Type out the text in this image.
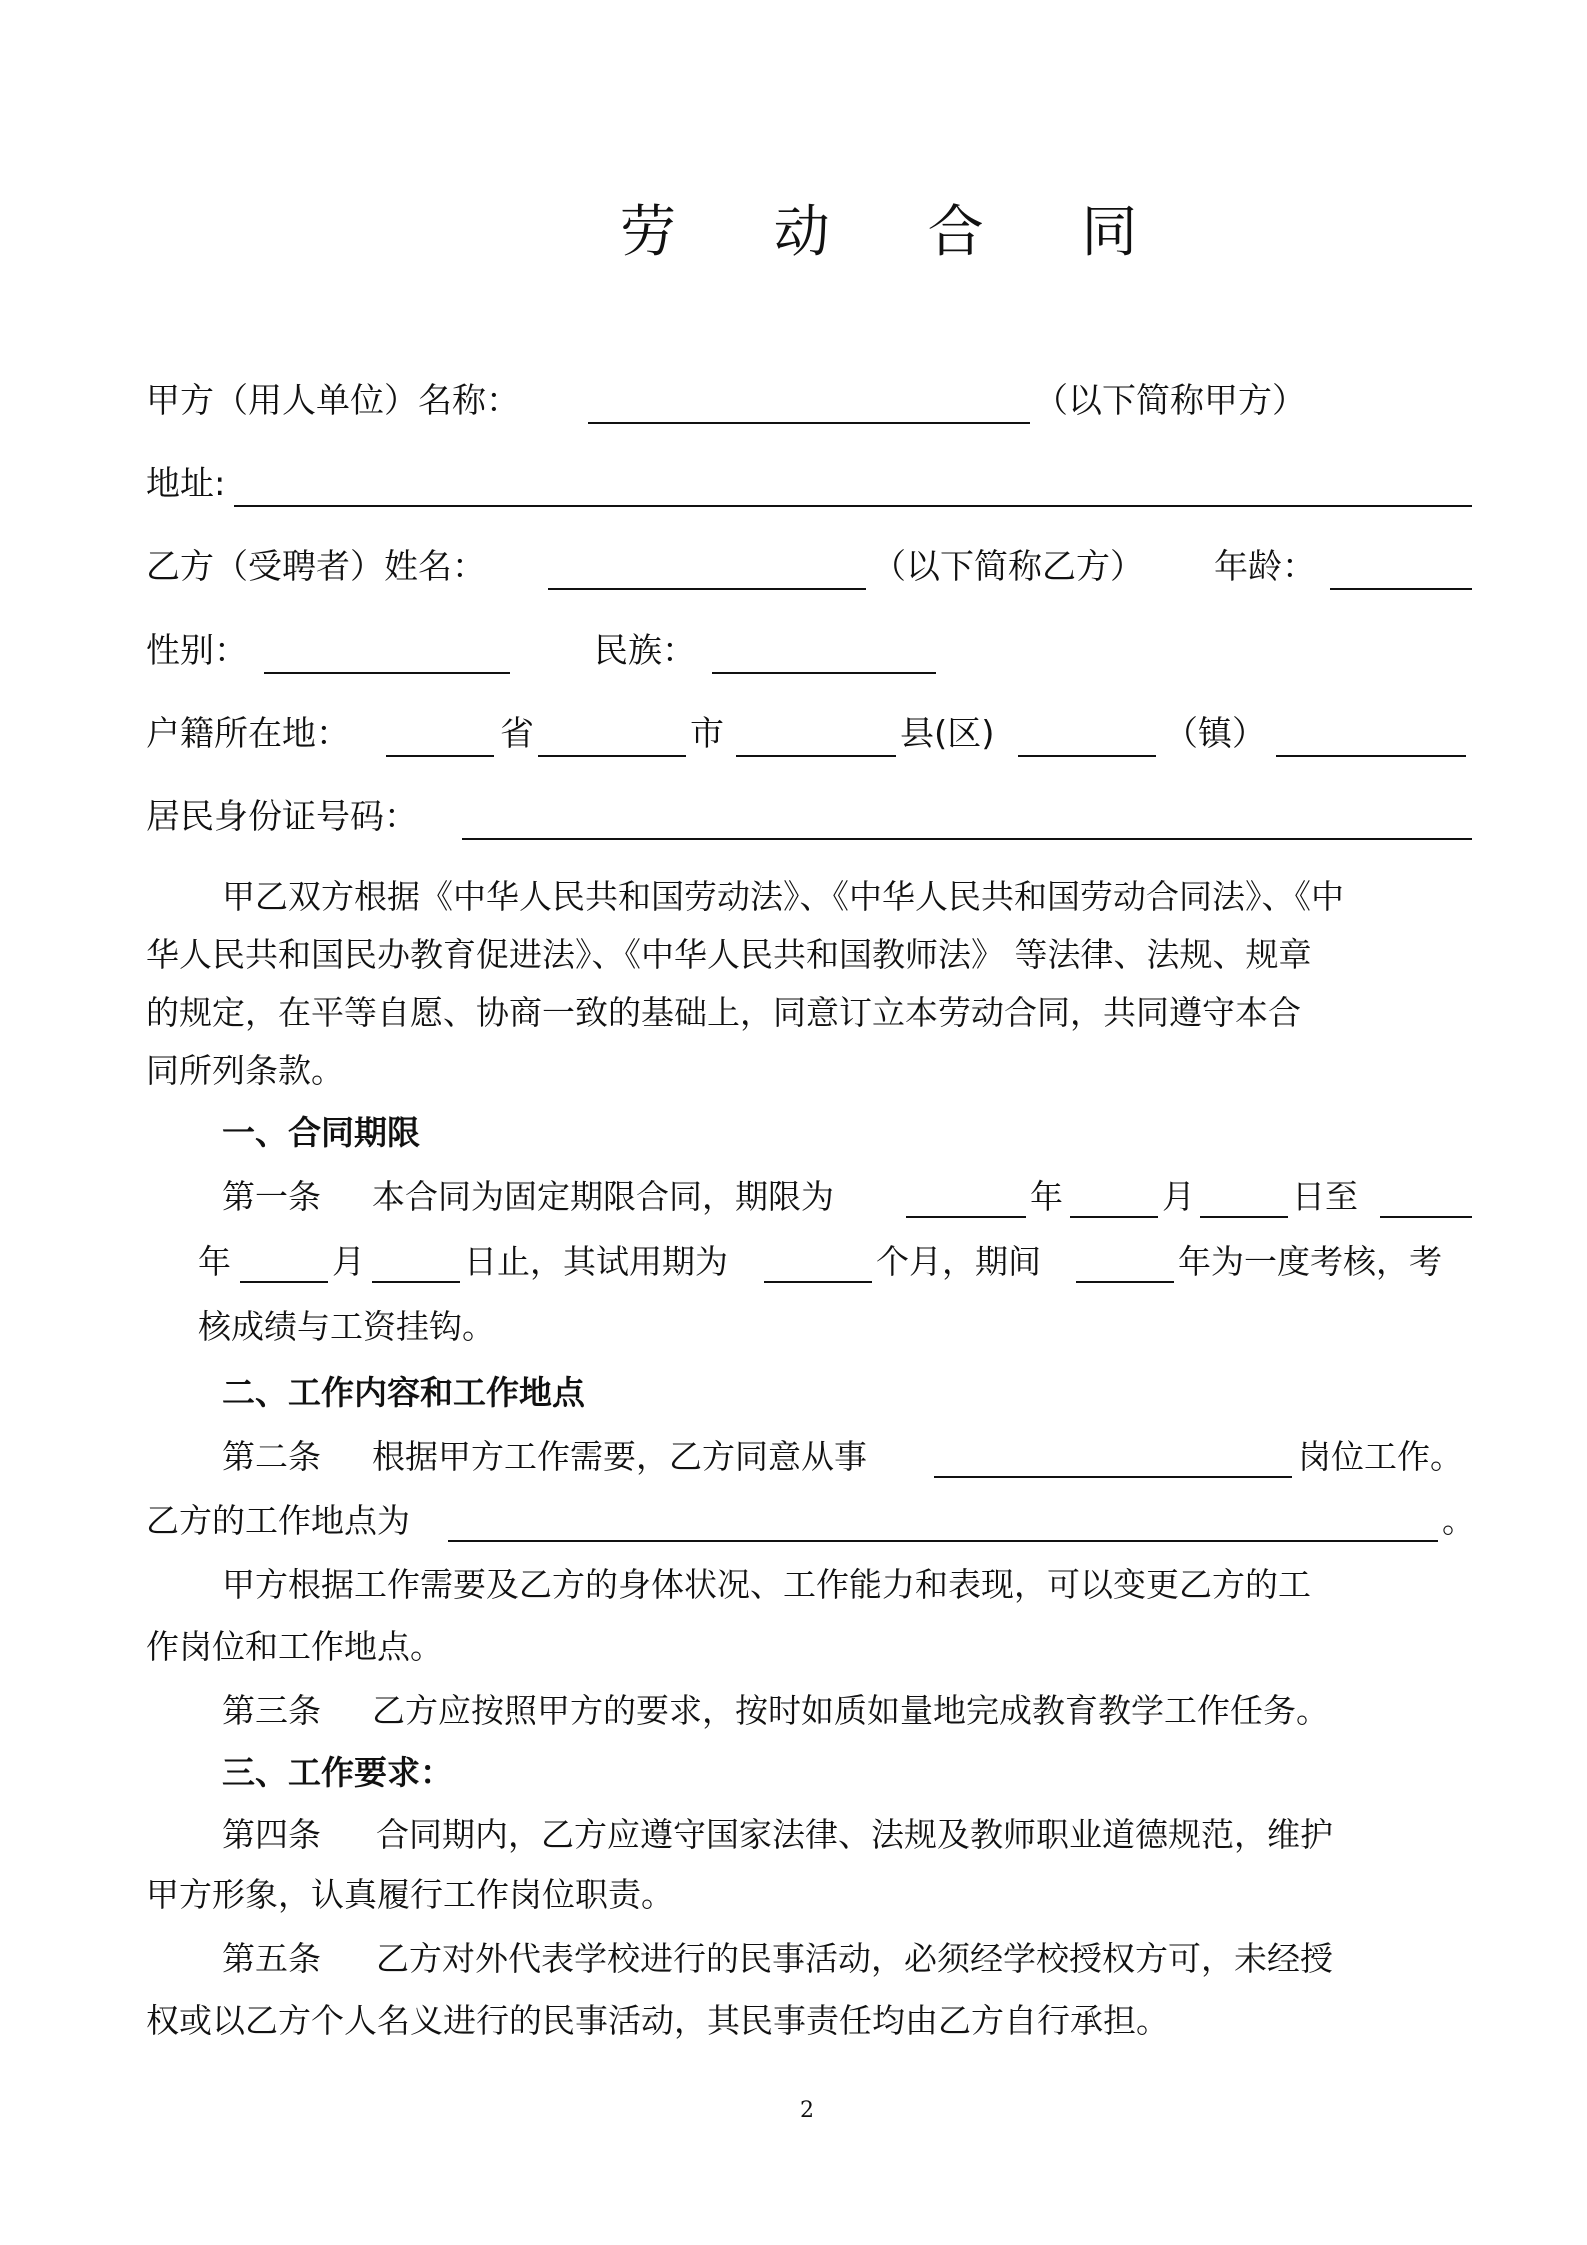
劳 动 合 同
甲方（用人单位）名称：	（以下简称甲方）
地址:
乙方（受聘者）姓名：	（以下简称乙方） 年龄：
性别：	民族：
户籍所在地：	省	市	县(区)	（镇）
居民身份证号码：
甲乙双方根据《中华人民共和国劳动法》、《中华人民共和国劳动合同法》、《中
华人民共和国民办教育促进法》、《中华人民共和国教师法》 等法律、法规、规章
的规定，在平等自愿、协商一致的基础上，同意订立本劳动合同，共同遵守本合
同所列条款。
一、合同期限
第一条 本合同为固定期限合同，期限为	年	月	日至
年	月	日止，其试用期为	个月，期间	年为一度考核，考
核成绩与工资挂钩。
二、工作内容和工作地点
第二条 根据甲方工作需要，乙方同意从事	岗位工作。
乙方的工作地点为	。
甲方根据工作需要及乙方的身体状况、工作能力和表现，可以变更乙方的工
作岗位和工作地点。
第三条 乙方应按照甲方的要求，按时如质如量地完成教育教学工作任务。
三、工作要求：
第四条 合同期内，乙方应遵守国家法律、法规及教师职业道德规范，维护
甲方形象，认真履行工作岗位职责。
第五条 乙方对外代表学校进行的民事活动，必须经学校授权方可，未经授
权或以乙方个人名义进行的民事活动，其民事责任均由乙方自行承担。
2
